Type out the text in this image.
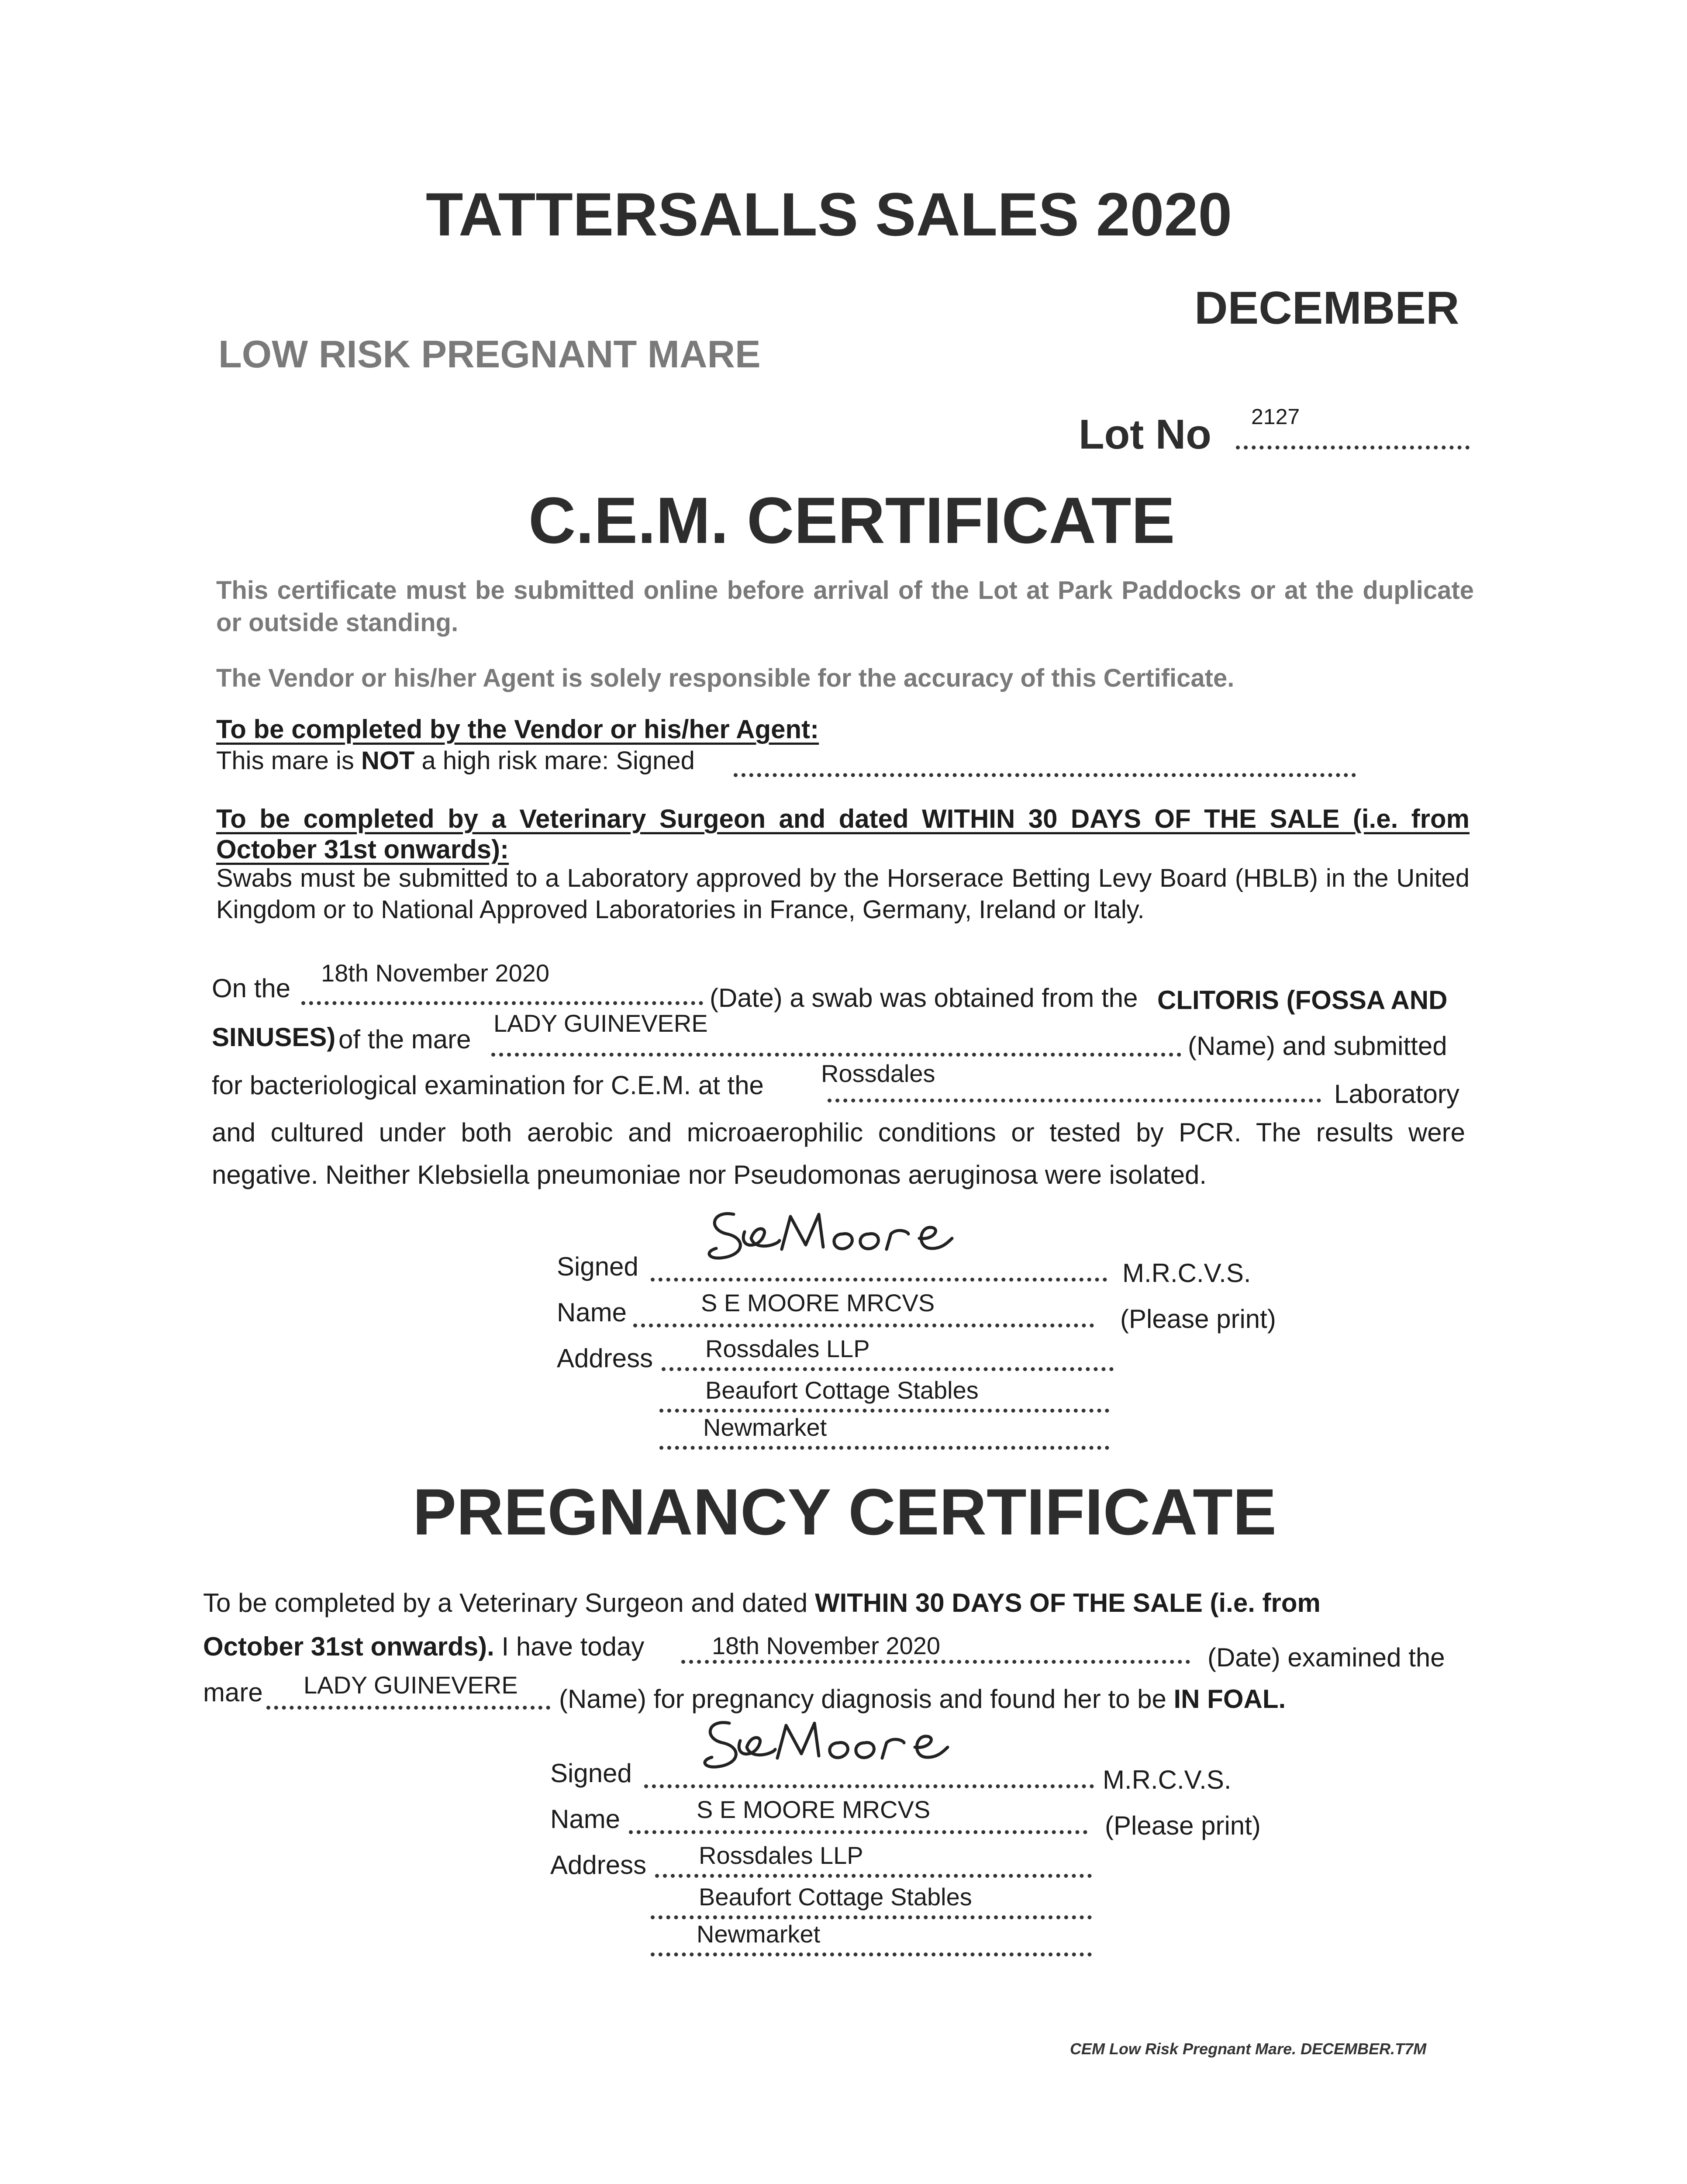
TATTERSALLS SALES 2020
DECEMBER
LOW RISK PREGNANT MARE
Lot No 2127
C.E.M. CERTIFICATE

This certificate must be submitted online before arrival of the Lot at Park Paddocks or at the duplicate or outside standing.

The Vendor or his/her Agent is solely responsible for the accuracy of this Certificate.

To be completed by the Vendor or his/her Agent:
This mare is NOT a high risk mare: Signed

To be completed by a Veterinary Surgeon and dated WITHIN 30 DAYS OF THE SALE (i.e. from October 31st onwards):

Swabs must be submitted to a Laboratory approved by the Horserace Betting Levy Board (HBLB) in the United Kingdom or to National Approved Laboratories in France, Germany, Ireland or Italy.

On the
18th November 2020
(Date) a swab was obtained from the CLITORIS (FOSSA AND
SINUSES) of the mare
LADY GUINEVERE
(Name) and submitted
for bacteriological examination for C.E.M. at the Rossdales
Laboratory

and cultured under both aerobic and microaerophilic conditions or tested by PCR. The results were

negative. Neither Klebsiella pneumoniae nor Pseudomonas aeruginosa were isolated.
Signed	M.R.C.V.S.
Name	S E MOORE MRCVS
(Please print)
Address Rossdales LLP
Beaufort Cottage Stables
Newmarket
PREGNANCY CERTIFICATE
To be completed by a Veterinary Surgeon and dated WITHIN 30 DAYS OF THE SALE (i.e. from
October 31st onwards). I have today	18th November 2020	(Date) examined the
mare LADY GUINEVERE (Name) for pregnancy diagnosis and found her to be IN FOAL.
Signed	M.R.C.V.S.
Name	S E MOORE MRCVS
(Please print)
Address Rossdales LLP
Beaufort Cottage Stables
Newmarket
CEM Low Risk Pregnant Mare. DECEMBER.T7M
